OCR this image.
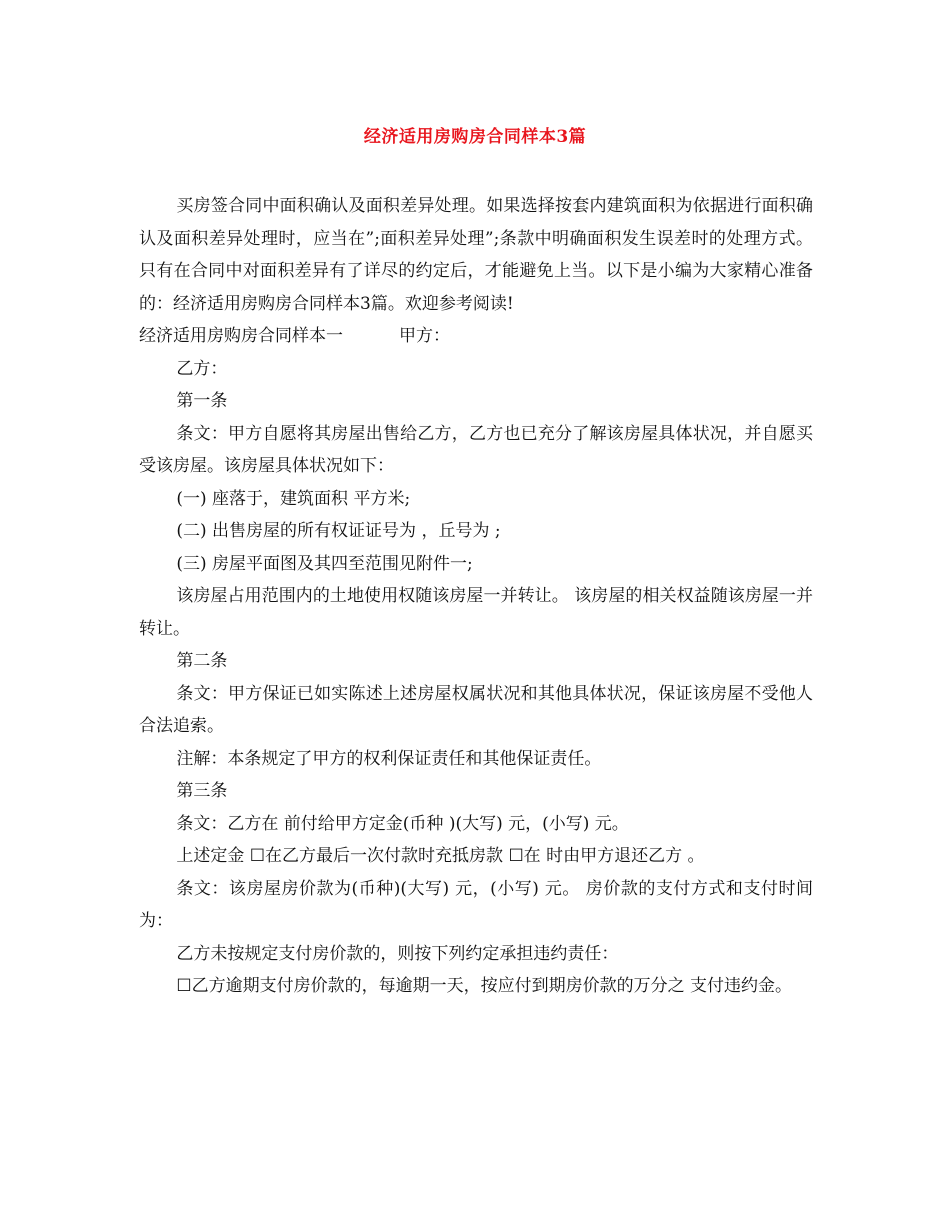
经济适用房购房合同样本3篇

买房签合同中面积确认及面积差异处理。如果选择按套内建筑面积为依据进行面积确认及面积差异处理时，应当在”;面积差异处理”;条款中明确面积发生误差时的处理方式。只有在合同中对面积差异有了详尽的约定后，才能避免上当。以下是小编为大家精心准备的：经济适用房购房合同样本3篇。欢迎参考阅读!

经济适用房购房合同样本一	甲方：

乙方：

第一条

条文：甲方自愿将其房屋出售给乙方，乙方也已充分了解该房屋具体状况，并自愿买受该房屋。该房屋具体状况如下：

(一) 座落于，建筑面积 平方米;

(二) 出售房屋的所有权证证号为 ，丘号为 ;

(三) 房屋平面图及其四至范围见附件一;

该房屋占用范围内的土地使用权随该房屋一并转让。 该房屋的相关权益随该房屋一并转让。

第二条

条文：甲方保证已如实陈述上述房屋权属状况和其他具体状况，保证该房屋不受他人合法追索。

注解：本条规定了甲方的权利保证责任和其他保证责任。

第三条

条文：乙方在 前付给甲方定金(币种 )(大写) 元，(小写) 元。

上述定金 ☐在乙方最后一次付款时充抵房款 ☐在 时由甲方退还乙方 。

条文：该房屋房价款为(币种)(大写) 元，(小写) 元。 房价款的支付方式和支付时间为：

乙方未按规定支付房价款的，则按下列约定承担违约责任：

☐乙方逾期支付房价款的，每逾期一天，按应付到期房价款的万分之 支付违约金。
